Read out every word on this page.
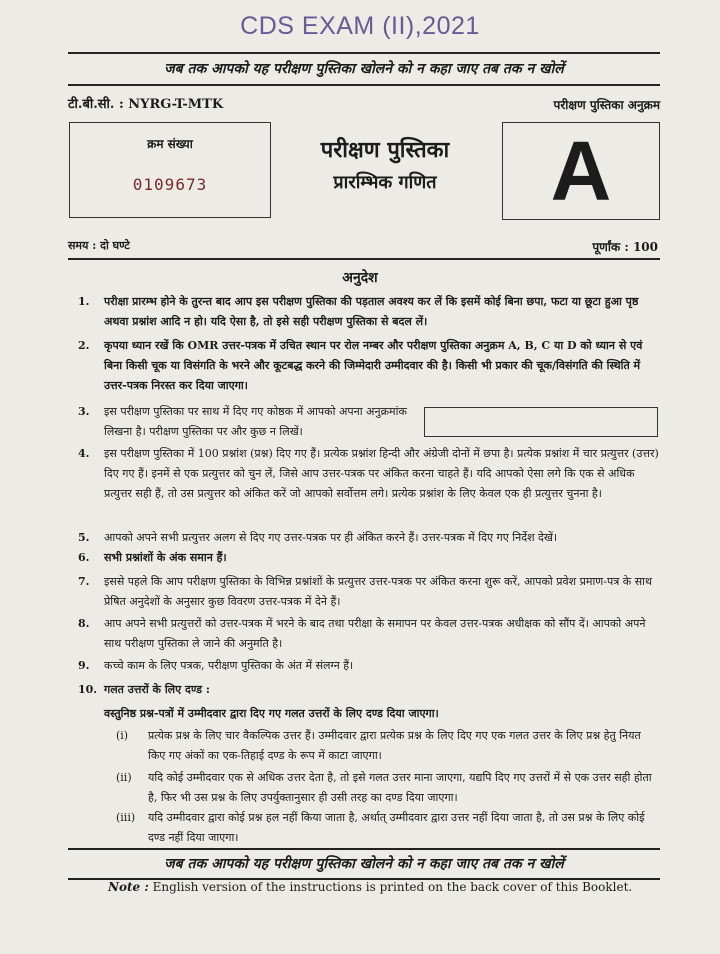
CDS EXAM (II),2021
जब तक आपको यह परीक्षण पुस्तिका खोलने को न कहा जाए तब तक न खोलें
टी.बी.सी. : NYRG-T-MTK	परीक्षण पुस्तिका अनुक्रम
क्रम संख्या
0109673
परीक्षण पुस्तिका
प्रारम्भिक गणित	A
समय : दो घण्टे	पूर्णांक : 100
अनुदेश
1. परीक्षा प्रारम्भ होने के तुरन्त बाद आप इस परीक्षण पुस्तिका की पड़ताल अवश्य कर लें कि इसमें कोई बिना छपा, फटा या छूटा हुआ पृष्ठ अथवा प्रश्नांश आदि न हो। यदि ऐसा है, तो इसे सही परीक्षण पुस्तिका से बदल लें।
2. कृपया ध्यान रखें कि OMR उत्तर-पत्रक में उचित स्थान पर रोल नम्बर और परीक्षण पुस्तिका अनुक्रम A, B, C या D को ध्यान से एवं बिना किसी चूक या विसंगति के भरने और कूटबद्ध करने की जिम्मेदारी उम्मीदवार की है। किसी भी प्रकार की चूक/विसंगति की स्थिति में उत्तर-पत्रक निरस्त कर दिया जाएगा।
3. इस परीक्षण पुस्तिका पर साथ में दिए गए कोष्ठक में आपको अपना अनुक्रमांक लिखना है। परीक्षण पुस्तिका पर और कुछ न लिखें।
4. इस परीक्षण पुस्तिका में 100 प्रश्नांश (प्रश्न) दिए गए हैं। प्रत्येक प्रश्नांश हिन्दी और अंग्रेजी दोनों में छपा है। प्रत्येक प्रश्नांश में चार प्रत्युत्तर (उत्तर) दिए गए हैं। इनमें से एक प्रत्युत्तर को चुन लें, जिसे आप उत्तर-पत्रक पर अंकित करना चाहते हैं। यदि आपको ऐसा लगे कि एक से अधिक प्रत्युत्तर सही हैं, तो उस प्रत्युत्तर को अंकित करें जो आपको सर्वोत्तम लगे। प्रत्येक प्रश्नांश के लिए केवल एक ही प्रत्युत्तर चुनना है।
5. आपको अपने सभी प्रत्युत्तर अलग से दिए गए उत्तर-पत्रक पर ही अंकित करने हैं। उत्तर-पत्रक में दिए गए निर्देश देखें।
6. सभी प्रश्नांशों के अंक समान हैं।
7. इससे पहले कि आप परीक्षण पुस्तिका के विभिन्न प्रश्नांशों के प्रत्युत्तर उत्तर-पत्रक पर अंकित करना शुरू करें, आपको प्रवेश प्रमाण-पत्र के साथ प्रेषित अनुदेशों के अनुसार कुछ विवरण उत्तर-पत्रक में देने हैं।
8. आप अपने सभी प्रत्युत्तरों को उत्तर-पत्रक में भरने के बाद तथा परीक्षा के समापन पर केवल उत्तर-पत्रक अधीक्षक को सौंप दें। आपको अपने साथ परीक्षण पुस्तिका ले जाने की अनुमति है।
9. कच्चे काम के लिए पत्रक, परीक्षण पुस्तिका के अंत में संलग्न हैं।
10. गलत उत्तरों के लिए दण्ड :
वस्तुनिष्ठ प्रश्न-पत्रों में उम्मीदवार द्वारा दिए गए गलत उत्तरों के लिए दण्ड दिया जाएगा।
(i) प्रत्येक प्रश्न के लिए चार वैकल्पिक उत्तर हैं। उम्मीदवार द्वारा प्रत्येक प्रश्न के लिए दिए गए एक गलत उत्तर के लिए प्रश्न हेतु नियत किए गए अंकों का एक-तिहाई दण्ड के रूप में काटा जाएगा।
(ii) यदि कोई उम्मीदवार एक से अधिक उत्तर देता है, तो इसे गलत उत्तर माना जाएगा, यद्यपि दिए गए उत्तरों में से एक उत्तर सही होता है, फिर भी उस प्रश्न के लिए उपर्युक्तानुसार ही उसी तरह का दण्ड दिया जाएगा।
(iii) यदि उम्मीदवार द्वारा कोई प्रश्न हल नहीं किया जाता है, अर्थात् उम्मीदवार द्वारा उत्तर नहीं दिया जाता है, तो उस प्रश्न के लिए कोई दण्ड नहीं दिया जाएगा।
जब तक आपको यह परीक्षण पुस्तिका खोलने को न कहा जाए तब तक न खोलें
Note : English version of the instructions is printed on the back cover of this Booklet.
